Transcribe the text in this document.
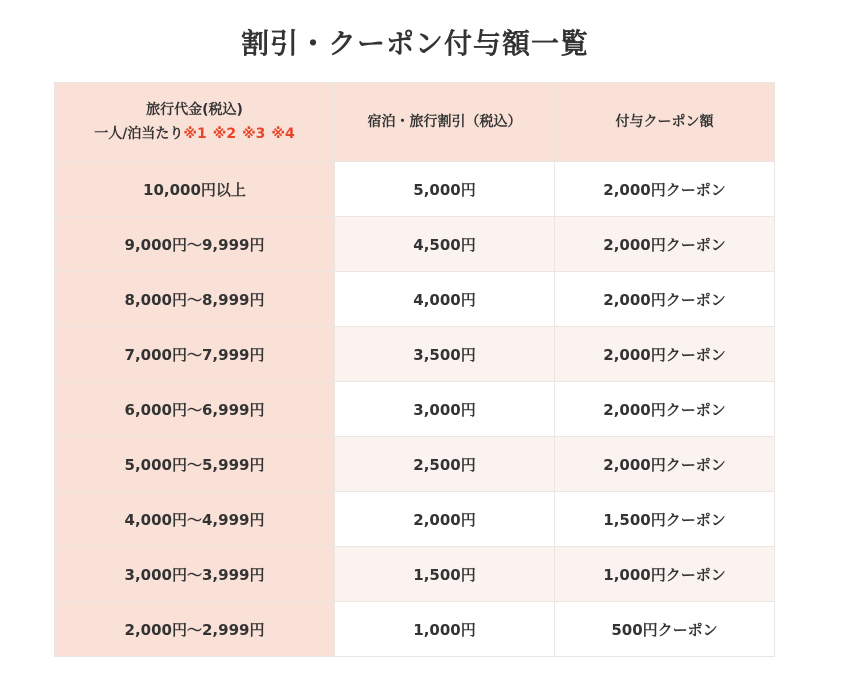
割引・クーポン付与額一覧
旅行代金(税込)
一人/泊当たり※1 ※2 ※3 ※4	宿泊・旅行割引（税込）	付与クーポン額
10,000円以上	5,000円	2,000円クーポン
9,000円〜9,999円	4,500円	2,000円クーポン
8,000円〜8,999円	4,000円	2,000円クーポン
7,000円〜7,999円	3,500円	2,000円クーポン
6,000円〜6,999円	3,000円	2,000円クーポン
5,000円〜5,999円	2,500円	2,000円クーポン
4,000円〜4,999円	2,000円	1,500円クーポン
3,000円〜3,999円	1,500円	1,000円クーポン
2,000円〜2,999円	1,000円	500円クーポン
